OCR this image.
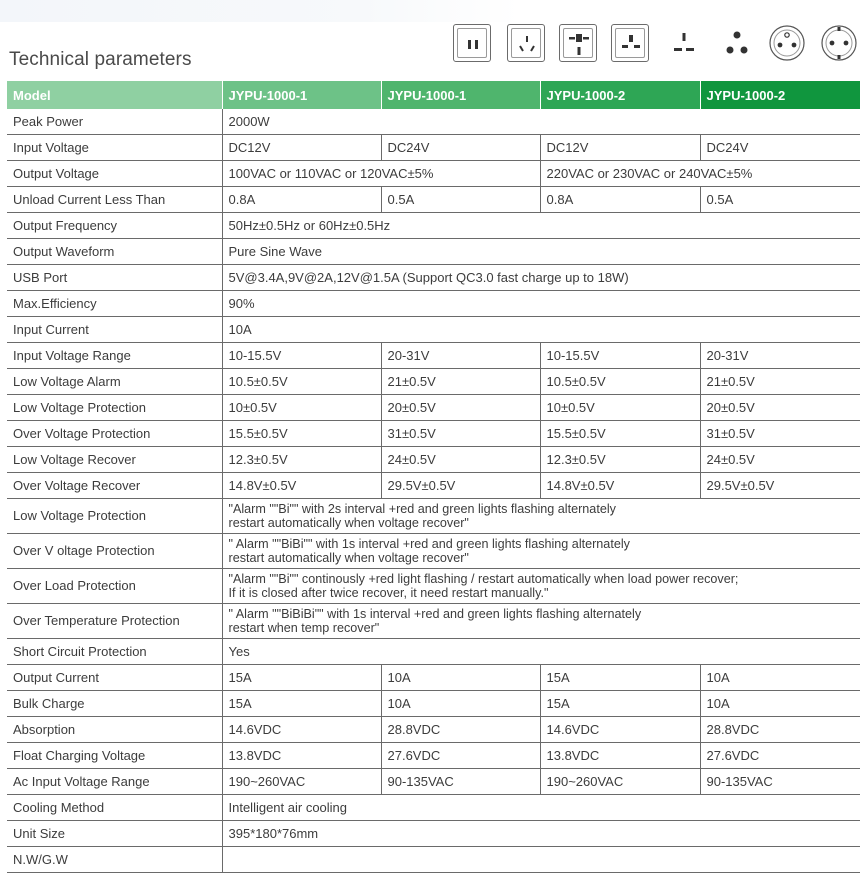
Technical parameters
Model	JYPU-1000-1	JYPU-1000-1	JYPU-1000-2	JYPU-1000-2
Peak Power	2000W			
Input Voltage	DC12V	DC24V	DC12V	DC24V
Output Voltage	100VAC or 110VAC or 120VAC±5%		220VAC or 230VAC or 240VAC±5%	
Unload Current Less Than	0.8A	0.5A	0.8A	0.5A
Output Frequency	50Hz±0.5Hz or 60Hz±0.5Hz			
Output Waveform	Pure Sine Wave			
USB Port	5V@3.4A,9V@2A,12V@1.5A (Support QC3.0 fast charge up to 18W)			
Max.Efficiency	90%			
Input Current	10A			
Input Voltage Range	10-15.5V	20-31V	10-15.5V	20-31V
Low Voltage Alarm	10.5±0.5V	21±0.5V	10.5±0.5V	21±0.5V
Low Voltage Protection	10±0.5V	20±0.5V	10±0.5V	20±0.5V
Over Voltage Protection	15.5±0.5V	31±0.5V	15.5±0.5V	31±0.5V
Low Voltage Recover	12.3±0.5V	24±0.5V	12.3±0.5V	24±0.5V
Over Voltage Recover	14.8V±0.5V	29.5V±0.5V	14.8V±0.5V	29.5V±0.5V
Low Voltage Protection	"Alarm ""Bi"" with 2s interval +red and green lights flashing alternately
restart automatically when voltage recover"			
Over V oltage Protection	" Alarm ""BiBi"" with 1s interval +red and green lights flashing alternately
restart automatically when voltage recover"			
Over Load Protection	"Alarm ""Bi"" continously +red light flashing / restart automatically when load power recover;
If it is closed after twice recover, it need restart manually."			
Over Temperature Protection	" Alarm ""BiBiBi"" with 1s interval +red and green lights flashing alternately
restart when temp recover"			
Short Circuit Protection	Yes			
Output Current	15A	10A	15A	10A
Bulk Charge	15A	10A	15A	10A
Absorption	14.6VDC	28.8VDC	14.6VDC	28.8VDC
Float Charging Voltage	13.8VDC	27.6VDC	13.8VDC	27.6VDC
Ac Input Voltage Range	190~260VAC	90-135VAC	190~260VAC	90-135VAC
Cooling Method	Intelligent air cooling			
Unit Size	395*180*76mm			
N.W/G.W				
